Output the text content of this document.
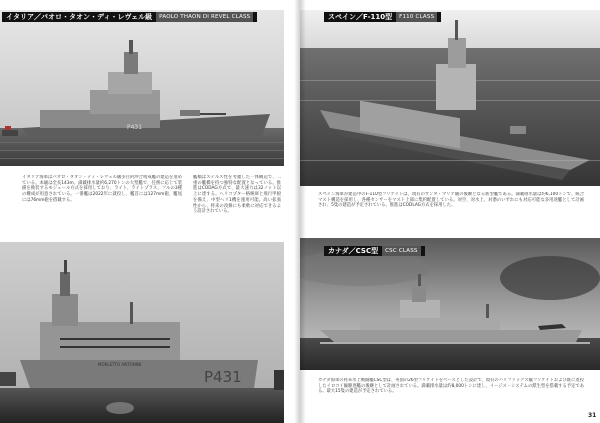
P431
イタリア／パオロ・タオン・ディ・レヴェル級	PAOLO THAON DI REVEL CLASS
イタリア海軍はパオロ・タオン・ディ・レヴェル級多目的沖合哨戒艦の建造を進めている。本級は全長143m、満載排水量約6,270トンの大型艦で、任務に応じて装備を換装するモジュール方式を採用しており、ライト、ライトプラス、フルの3種の構成が用意されている。一番艦は2022年に就役し、艦首には127mm砲、艦尾には76mm砲を搭載する。
艦橋はステルス性を考慮した一体構造で、二重の艦橋を持つ独特な配置となっている。推進はCODAG方式で、最大速力は32ノット以上に達する。ヘリコプター格納庫と飛行甲板を備え、中型ヘリ1機を運用可能。高い拡張性から、将来の改修にも柔軟に対応できるよう設計されている。
MORLETTO ANTONINI
P431
スペイン／F-110型	F110 CLASS
スペイン海軍が建造中のF-110型フリゲイトは、現有のサンタ・マリア級の後継となる新型艦である。満載排水量は約6,100トンで、統合マスト構造を採用し、各種センサーをマスト上部に集約配置している。対空、対水上、対潜のいずれにも対応可能な多用途艦として計画され、5隻の建造が予定されている。推進はCODLAG方式を採用した。
カナダ／CSC型	CSC CLASS
カナダ海軍の将来水上戦闘艦CSC型は、英国の26型フリゲイトをベースとした設計で、現有のハリファックス級フリゲイトおよび既に退役したイロコイ級駆逐艦の後継として計画されている。満載排水量は約8,000トンに達し、イージス・システムの派生型を搭載する予定である。最大15隻の建造が予定されている。
31
